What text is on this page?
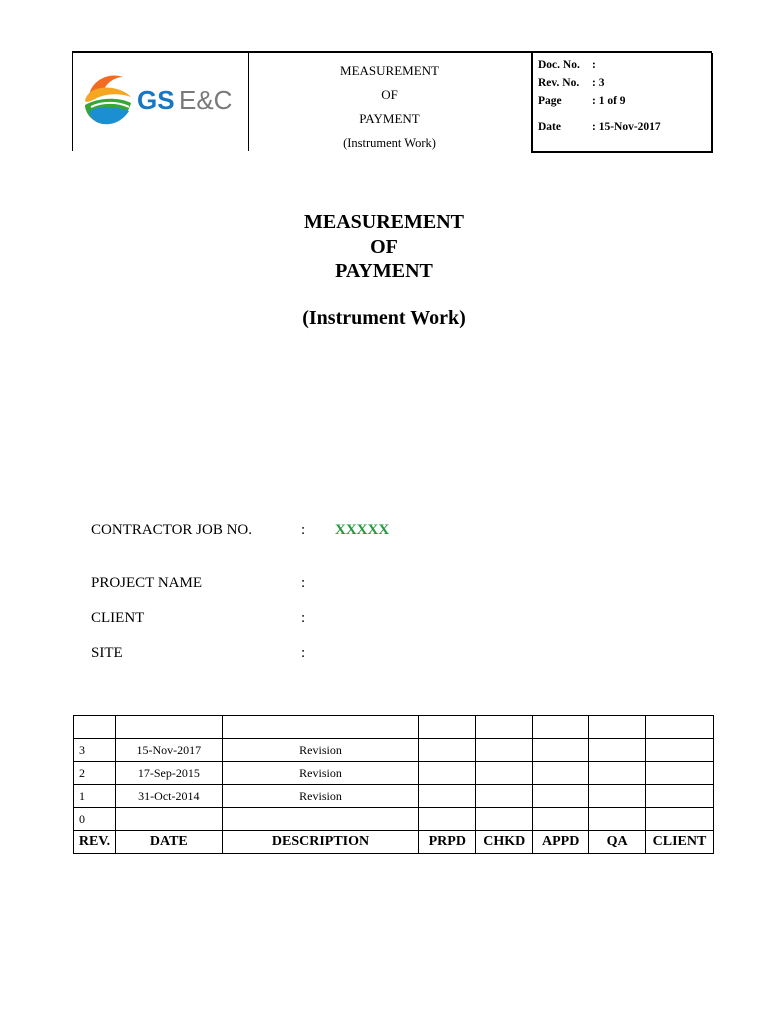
GS E&C
MEASUREMENT
OF
PAYMENT
(Instrument Work)
Doc. No. :
Rev. No. : 3
Page	: 1 of 9
Date	: 15-Nov-2017
MEASUREMENT
OF
PAYMENT
(Instrument Work)
CONTRACTOR JOB NO.	: XXXXX
PROJECT NAME	:
CLIENT	:
SITE	:

3	15-Nov-2017	Revision					
2	17-Sep-2015	Revision					
1	31-Oct-2014	Revision					
0							
REV.	DATE	DESCRIPTION	PRPD	CHKD	APPD	QA	CLIENT
